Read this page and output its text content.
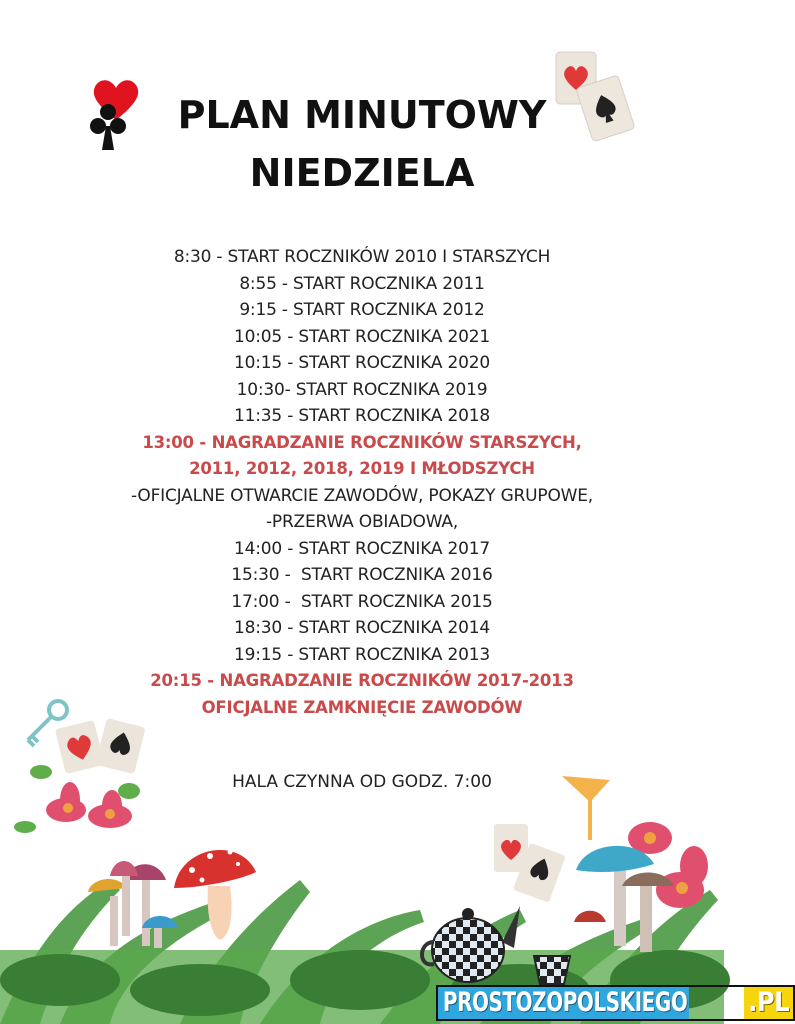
PLAN MINUTOWY
NIEDZIELA
8:30 - START ROCZNIKÓW 2010 I STARSZYCH
8:55 - START ROCZNIKA 2011
9:15 - START ROCZNIKA 2012
10:05 - START ROCZNIKA 2021
10:15 - START ROCZNIKA 2020
10:30- START ROCZNIKA 2019
11:35 - START ROCZNIKA 2018
13:00 - NAGRADZANIE ROCZNIKÓW STARSZYCH,
2011, 2012, 2018, 2019 I MŁODSZYCH
-OFICJALNE OTWARCIE ZAWODÓW, POKAZY GRUPOWE,
-PRZERWA OBIADOWA,
14:00 - START ROCZNIKA 2017
15:30 -  START ROCZNIKA 2016
17:00 -  START ROCZNIKA 2015
18:30 - START ROCZNIKA 2014
19:15 - START ROCZNIKA 2013
20:15 - NAGRADZANIE ROCZNIKÓW 2017-2013
OFICJALNE ZAMKNIĘCIE ZAWODÓW
HALA CZYNNA OD GODZ. 7:00
PROSTOZOPOLSKIEGO .PL
